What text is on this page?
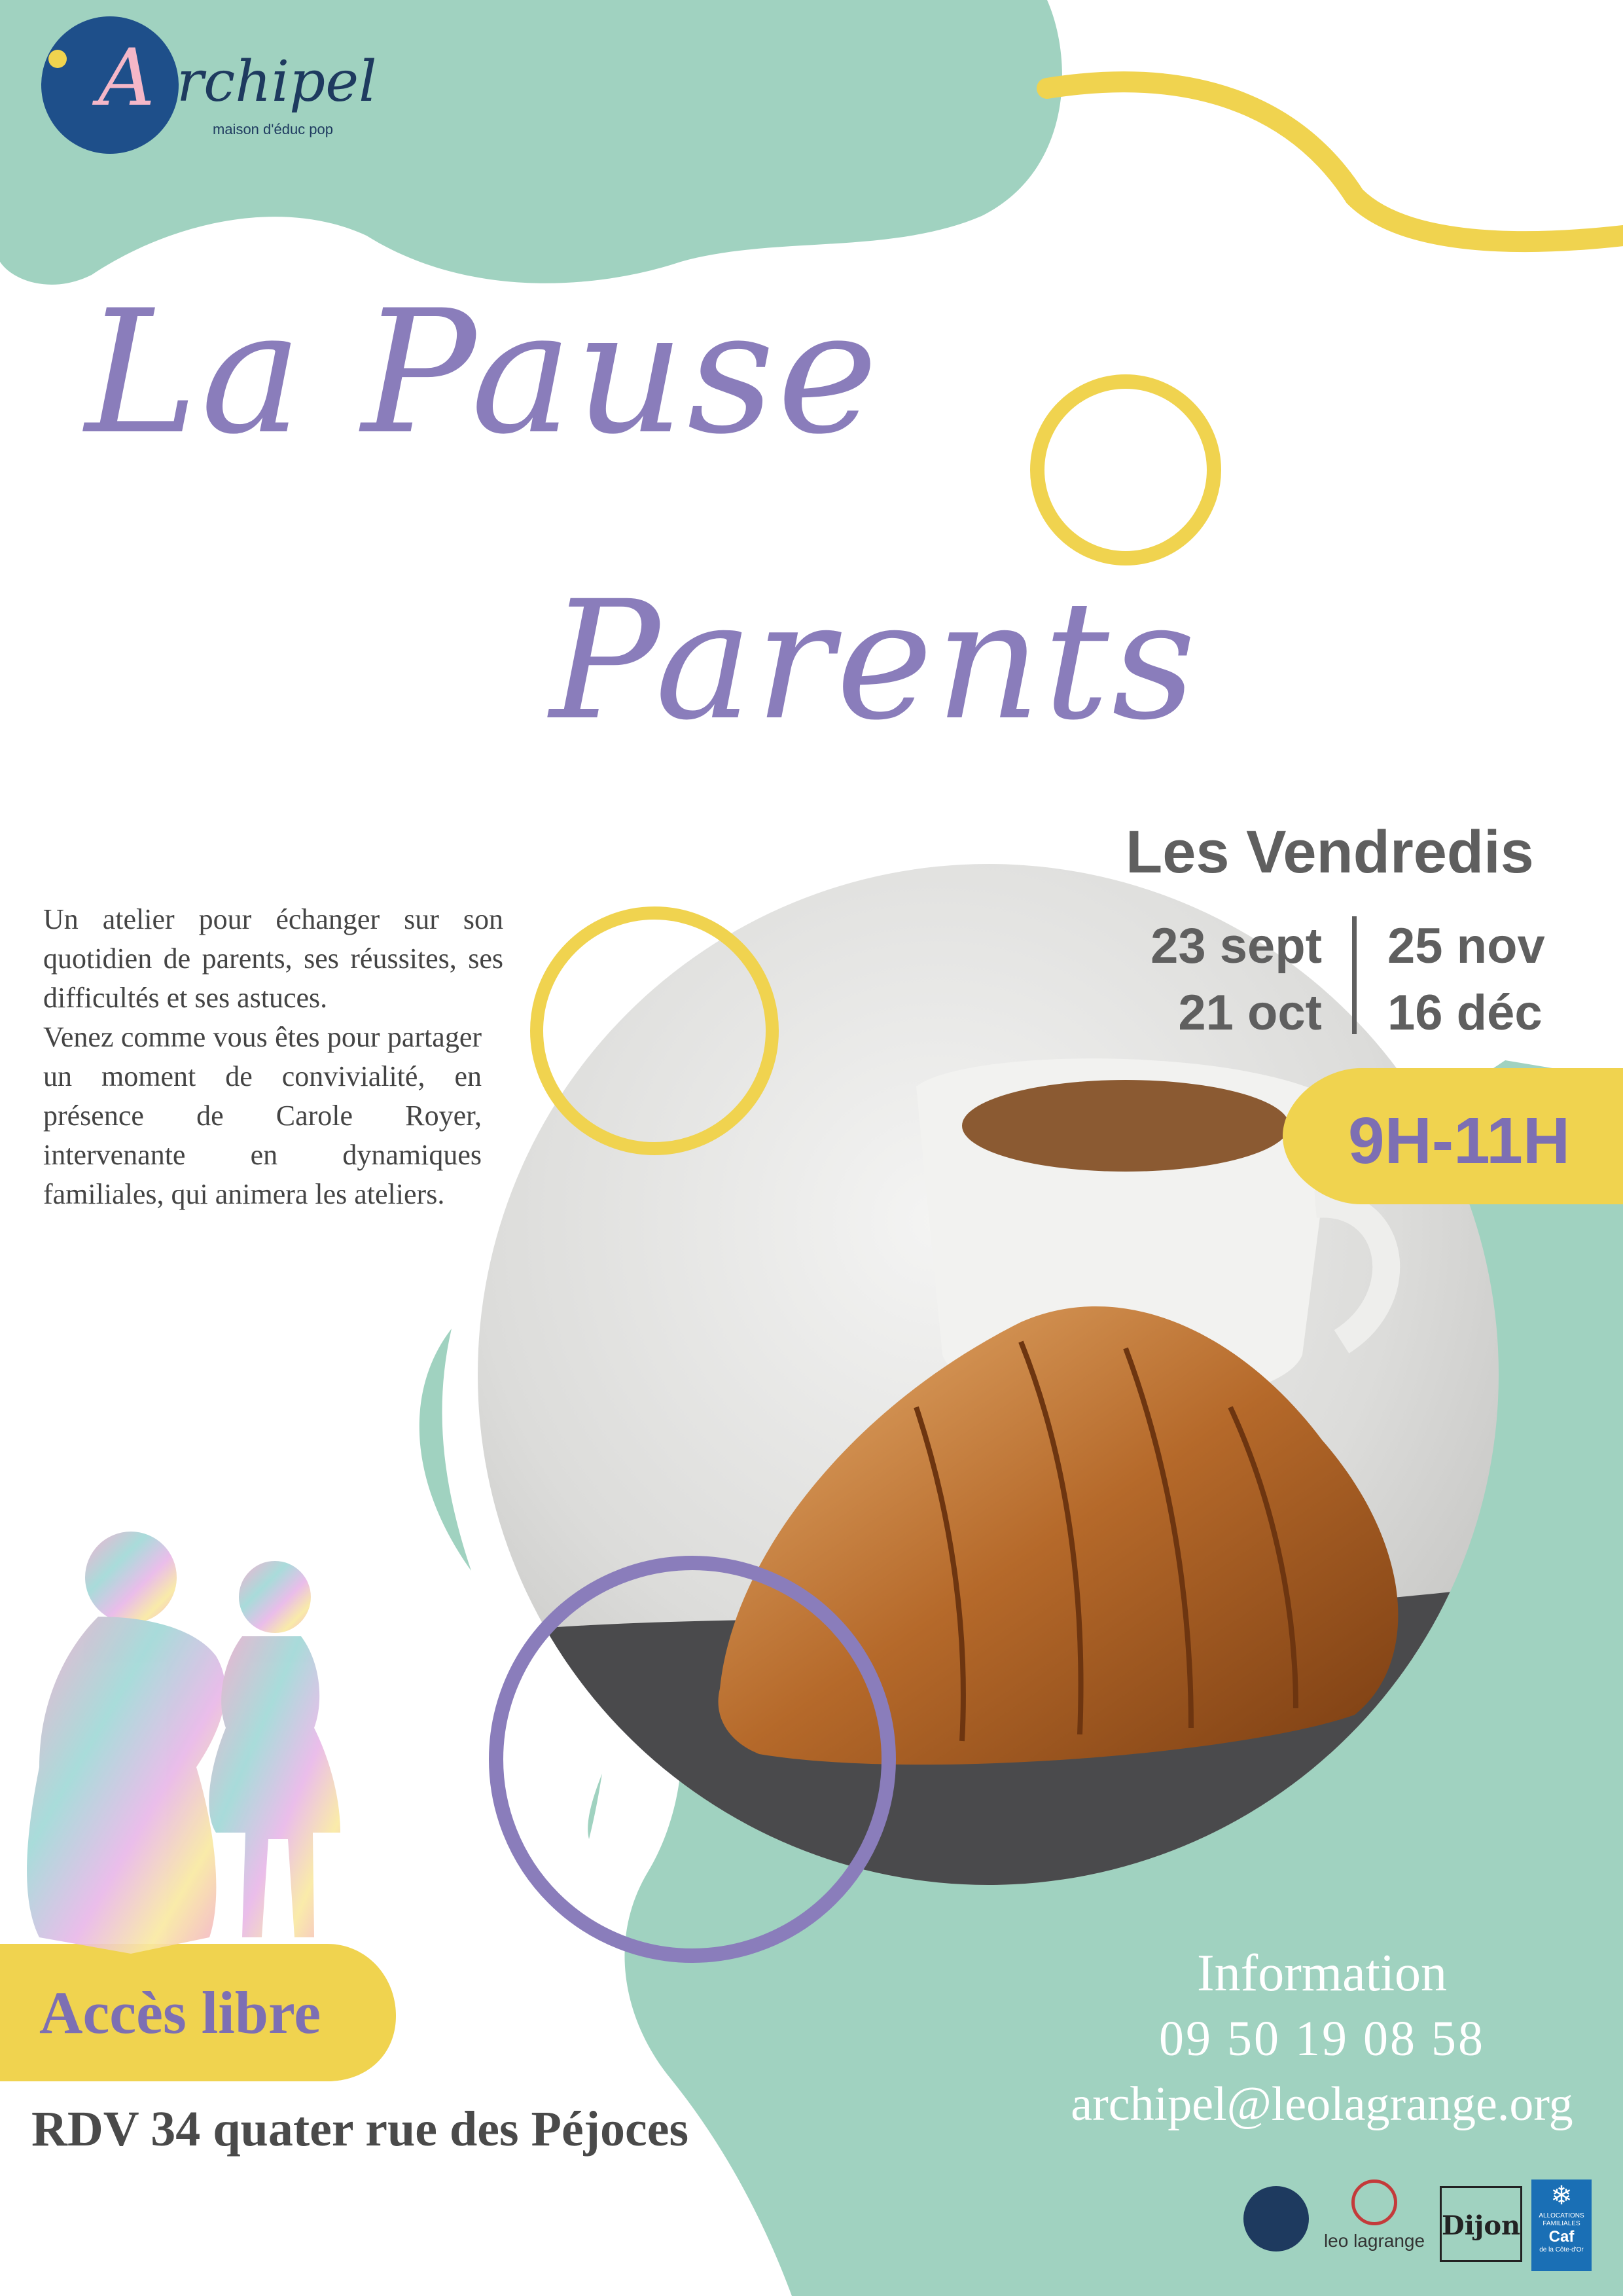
A rchipel
maison d'éduc pop
La Pause
Parents
Les Vendredis
23 sept
21 oct
25 nov
16 déc
9H-11H

Un atelier pour échanger sur son quotidien de parents, ses réussites, ses difficultés et ses astuces.

Venez comme vous êtes pour partager un moment de convivialité, en présence de Carole Royer, intervenante en dynamiques familiales, qui animera les ateliers.

Accès libre
RDV 34 quater rue des Péjoces
Information
09 50 19 08 58
archipel@leolagrange.org
leo lagrange Dijon
❄
ALLOCATIONS FAMILIALES
Caf
de la Côte-d'Or
